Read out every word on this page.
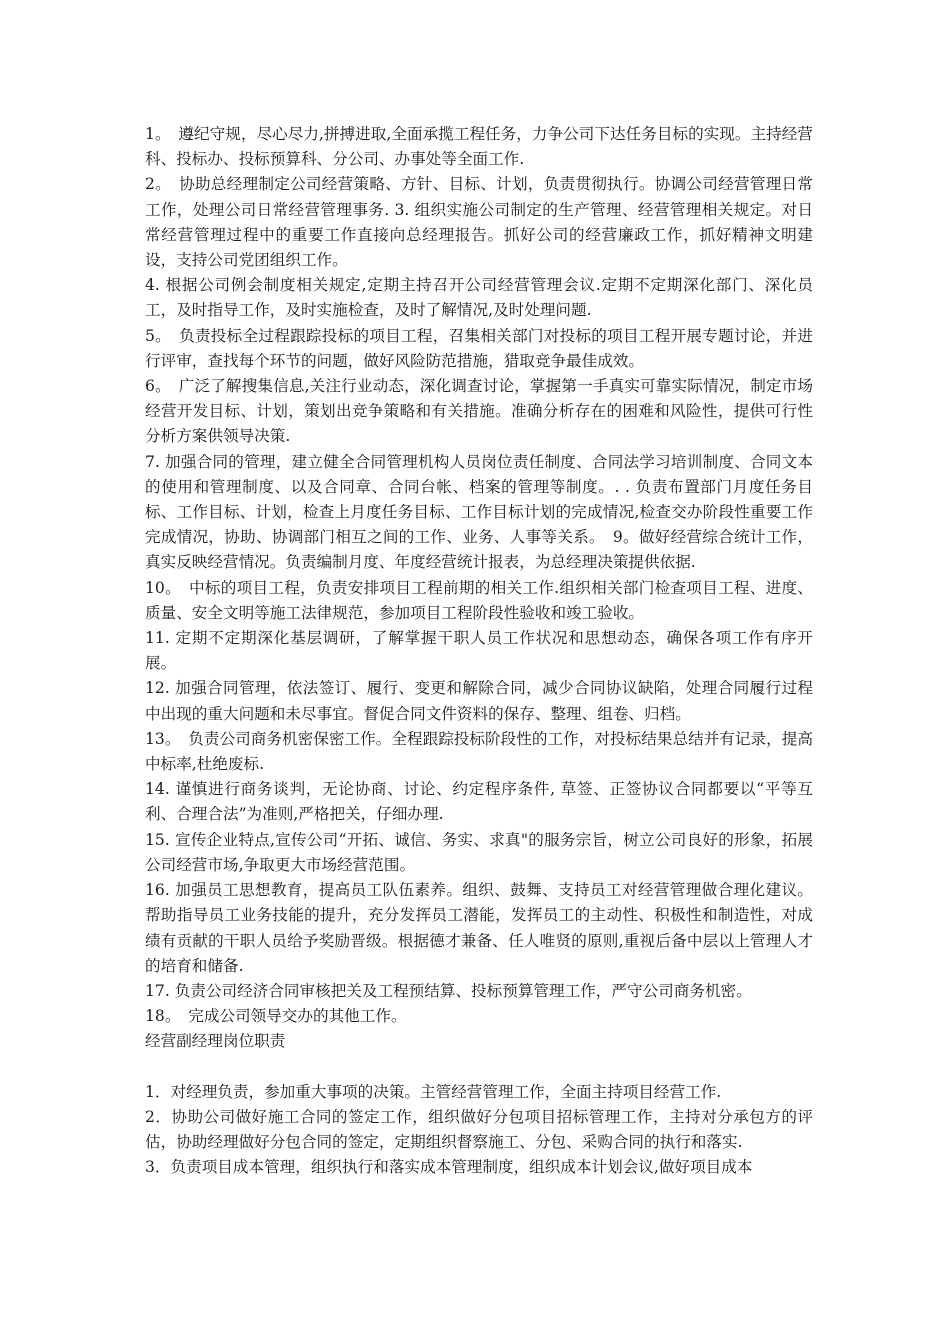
1。　遵纪守规，尽心尽力,拼搏进取,全面承揽工程任务，力争公司下达任务目标的实现。主持经营科、投标办、投标预算科、分公司、办事处等全面工作.

2。　协助总经理制定公司经营策略、方针、目标、计划，负责贯彻执行。协调公司经营管理日常工作，处理公司日常经营管理事务. 3. 组织实施公司制定的生产管理、经营管理相关规定。对日常经营管理过程中的重要工作直接向总经理报告。抓好公司的经营廉政工作，抓好精神文明建设，支持公司党团组织工作。

4. 根据公司例会制度相关规定,定期主持召开公司经营管理会议.定期不定期深化部门、深化员工，及时指导工作，及时实施检查，及时了解情况,及时处理问题.

5。　负责投标全过程跟踪投标的项目工程，召集相关部门对投标的项目工程开展专题讨论，并进行评审，查找每个环节的问题，做好风险防范措施，猎取竞争最佳成效。

6。　广泛了解搜集信息,关注行业动态，深化调查讨论，掌握第一手真实可靠实际情况，制定市场经营开发目标、计划，策划出竞争策略和有关措施。准确分析存在的困难和风险性，提供可行性分析方案供领导决策.

7. 加强合同的管理，建立健全合同管理机构人员岗位责任制度、合同法学习培训制度、合同文本的使用和管理制度、以及合同章、合同台帐、档案的管理等制度。. . 负责布置部门月度任务目标、工作目标、计划，检查上月度任务目标、工作目标计划的完成情况,检查交办阶段性重要工作完成情况，协助、协调部门相互之间的工作、业务、人事等关系。　9。做好经营综合统计工作，真实反映经营情况。负责编制月度、年度经营统计报表，为总经理决策提供依据.

10。　中标的项目工程，负责安排项目工程前期的相关工作.组织相关部门检查项目工程、进度、质量、安全文明等施工法律规范，参加项目工程阶段性验收和竣工验收。

11. 定期不定期深化基层调研，了解掌握干职人员工作状况和思想动态，确保各项工作有序开展。

12. 加强合同管理，依法签订、履行、变更和解除合同，减少合同协议缺陷，处理合同履行过程中出现的重大问题和未尽事宜。督促合同文件资料的保存、整理、组卷、归档。

13。　负责公司商务机密保密工作。全程跟踪投标阶段性的工作，对投标结果总结并有记录，提高中标率,杜绝废标.

14. 谨慎进行商务谈判，无论协商、讨论、约定程序条件, 草签、正签协议合同都要以“平等互利、合理合法”为准则,严格把关，仔细办理.

15. 宣传企业特点,宣传公司“开拓、诚信、务实、求真"的服务宗旨，树立公司良好的形象，拓展公司经营市场,争取更大市场经营范围。

16. 加强员工思想教育，提高员工队伍素养。组织、鼓舞、支持员工对经营管理做合理化建议。帮助指导员工业务技能的提升，充分发挥员工潜能，发挥员工的主动性、积极性和制造性，对成绩有贡献的干职人员给予奖励晋级。根据德才兼备、任人唯贤的原则,重视后备中层以上管理人才的培育和储备.

17. 负责公司经济合同审核把关及工程预结算、投标预算管理工作，严守公司商务机密。

18。　完成公司领导交办的其他工作。

经营副经理岗位职责

1．对经理负责，参加重大事项的决策。主管经营管理工作，全面主持项目经营工作.

2．协助公司做好施工合同的签定工作，组织做好分包项目招标管理工作，主持对分承包方的评估，协助经理做好分包合同的签定，定期组织督察施工、分包、采购合同的执行和落实.

3．负责项目成本管理，组织执行和落实成本管理制度，组织成本计划会议,做好项目成本
